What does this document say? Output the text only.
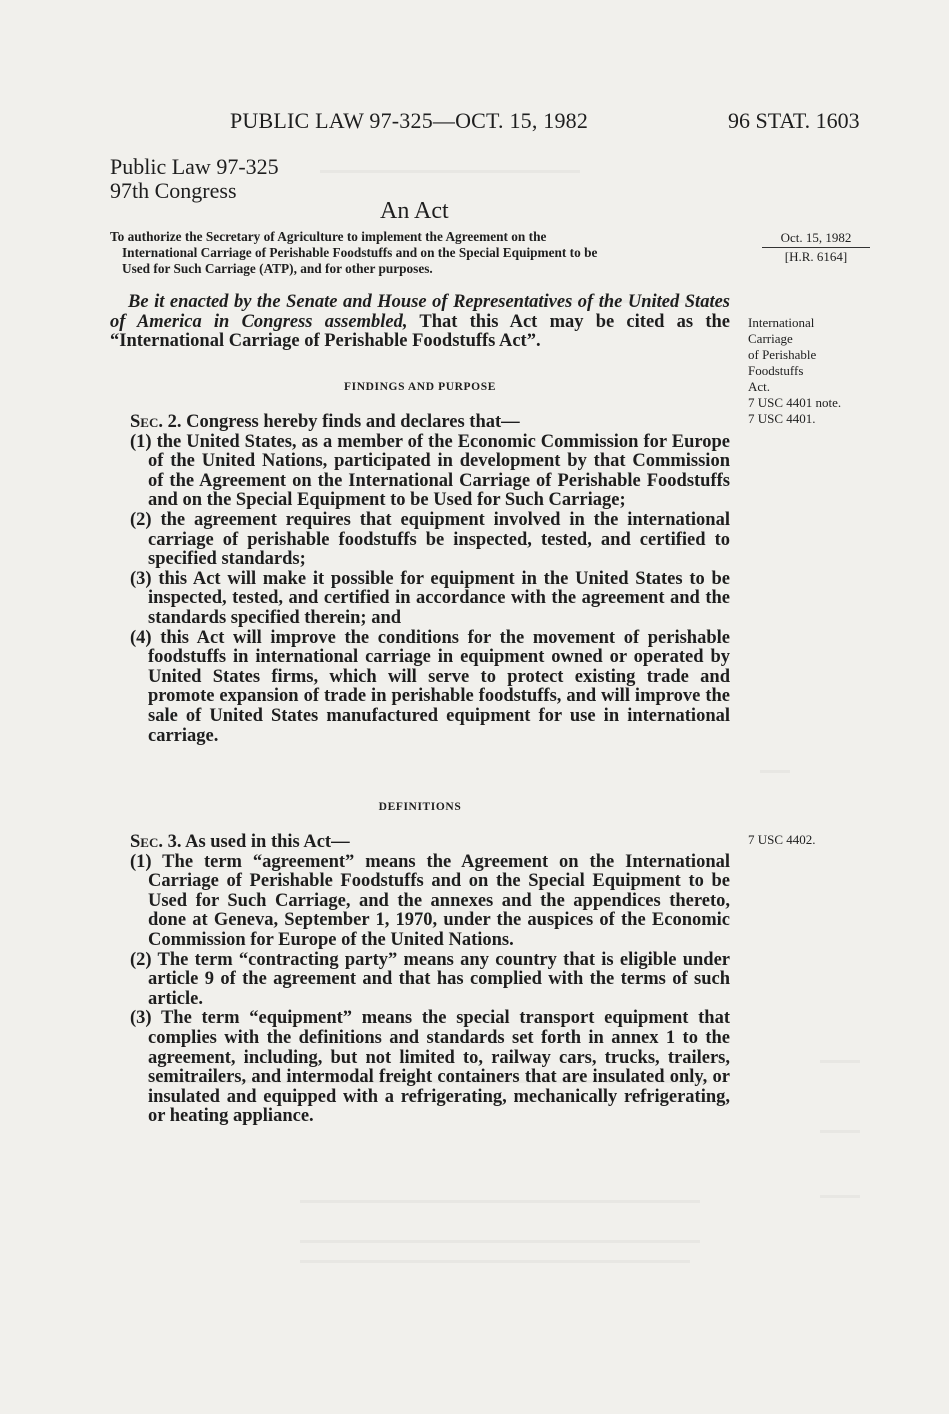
PUBLIC LAW 97-325—OCT. 15, 1982	96 STAT. 1603
Public Law 97-325
97th Congress
An Act
To authorize the Secretary of Agriculture to implement the Agreement on the
International Carriage of Perishable Foodstuffs and on the Special Equipment to be
Used for Such Carriage (ATP), and for other purposes.
Oct. 15, 1982
[H.R. 6164]
International
Carriage
of Perishable
Foodstuffs
Act.
7 USC 4401 note.
7 USC 4401.
7 USC 4402.

Be it enacted by the Senate and House of Representatives of the United States of America in Congress assembled, That this Act may be cited as the “International Carriage of Perishable Foodstuffs Act”.

FINDINGS AND PURPOSE

Sec. 2. Congress hereby finds and declares that—

(1) the United States, as a member of the Economic Commission for Europe of the United Nations, participated in development by that Commission of the Agreement on the International Carriage of Perishable Foodstuffs and on the Special Equipment to be Used for Such Carriage;

(2) the agreement requires that equipment involved in the international carriage of perishable foodstuffs be inspected, tested, and certified to specified standards;

(3) this Act will make it possible for equipment in the United States to be inspected, tested, and certified in accordance with the agreement and the standards specified therein; and

(4) this Act will improve the conditions for the movement of perishable foodstuffs in international carriage in equipment owned or operated by United States firms, which will serve to protect existing trade and promote expansion of trade in perishable foodstuffs, and will improve the sale of United States manufactured equipment for use in international carriage.

DEFINITIONS

Sec. 3. As used in this Act—

(1) The term “agreement” means the Agreement on the International Carriage of Perishable Foodstuffs and on the Special Equipment to be Used for Such Carriage, and the annexes and the appendices thereto, done at Geneva, September 1, 1970, under the auspices of the Economic Commission for Europe of the United Nations.

(2) The term “contracting party” means any country that is eligible under article 9 of the agreement and that has complied with the terms of such article.

(3) The term “equipment” means the special transport equipment that complies with the definitions and standards set forth in annex 1 to the agreement, including, but not limited to, railway cars, trucks, trailers, semitrailers, and intermodal freight containers that are insulated only, or insulated and equipped with a refrigerating, mechanically refrigerating, or heating appliance.
